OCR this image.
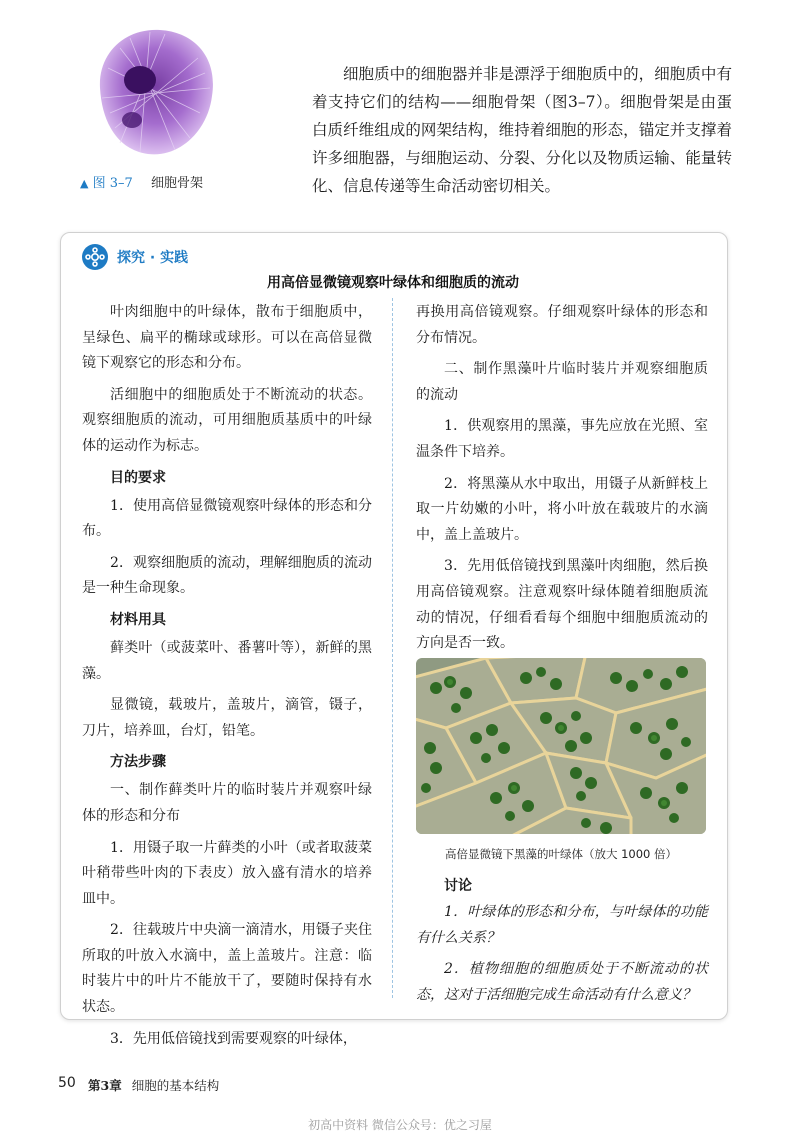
▲ 图 3–7 细胞骨架

细胞质中的细胞器并非是漂浮于细胞质中的，细胞质中有着支持它们的结构——细胞骨架（图3–7）。细胞骨架是由蛋白质纤维组成的网架结构，维持着细胞的形态，锚定并支撑着许多细胞器，与细胞运动、分裂、分化以及物质运输、能量转化、信息传递等生命活动密切相关。

探究 · 实践
用高倍显微镜观察叶绿体和细胞质的流动

叶肉细胞中的叶绿体，散布于细胞质中，呈绿色、扁平的椭球或球形。可以在高倍显微镜下观察它的形态和分布。

活细胞中的细胞质处于不断流动的状态。观察细胞质的流动，可用细胞质基质中的叶绿体的运动作为标志。

目的要求

1．使用高倍显微镜观察叶绿体的形态和分布。

2．观察细胞质的流动，理解细胞质的流动是一种生命现象。

材料用具

藓类叶（或菠菜叶、番薯叶等），新鲜的黑藻。

显微镜，载玻片，盖玻片，滴管，镊子，刀片，培养皿，台灯，铅笔。

方法步骤

一、制作藓类叶片的临时装片并观察叶绿体的形态和分布

1．用镊子取一片藓类的小叶（或者取菠菜叶稍带些叶肉的下表皮）放入盛有清水的培养皿中。

2．往载玻片中央滴一滴清水，用镊子夹住所取的叶放入水滴中，盖上盖玻片。注意：临时装片中的叶片不能放干了，要随时保持有水状态。

3．先用低倍镜找到需要观察的叶绿体，

再换用高倍镜观察。仔细观察叶绿体的形态和分布情况。

二、制作黑藻叶片临时装片并观察细胞质的流动

1．供观察用的黑藻，事先应放在光照、室温条件下培养。

2．将黑藻从水中取出，用镊子从新鲜枝上取一片幼嫩的小叶，将小叶放在载玻片的水滴中，盖上盖玻片。

3．先用低倍镜找到黑藻叶肉细胞，然后换用高倍镜观察。注意观察叶绿体随着细胞质流动的情况，仔细看看每个细胞中细胞质流动的方向是否一致。

高倍显微镜下黑藻的叶绿体（放大 1000 倍）
讨论

1．叶绿体的形态和分布，与叶绿体的功能有什么关系？

2．植物细胞的细胞质处于不断流动的状态，这对于活细胞完成生命活动有什么意义？

50 第3章 细胞的基本结构
初高中资料 微信公众号：优之习屋
